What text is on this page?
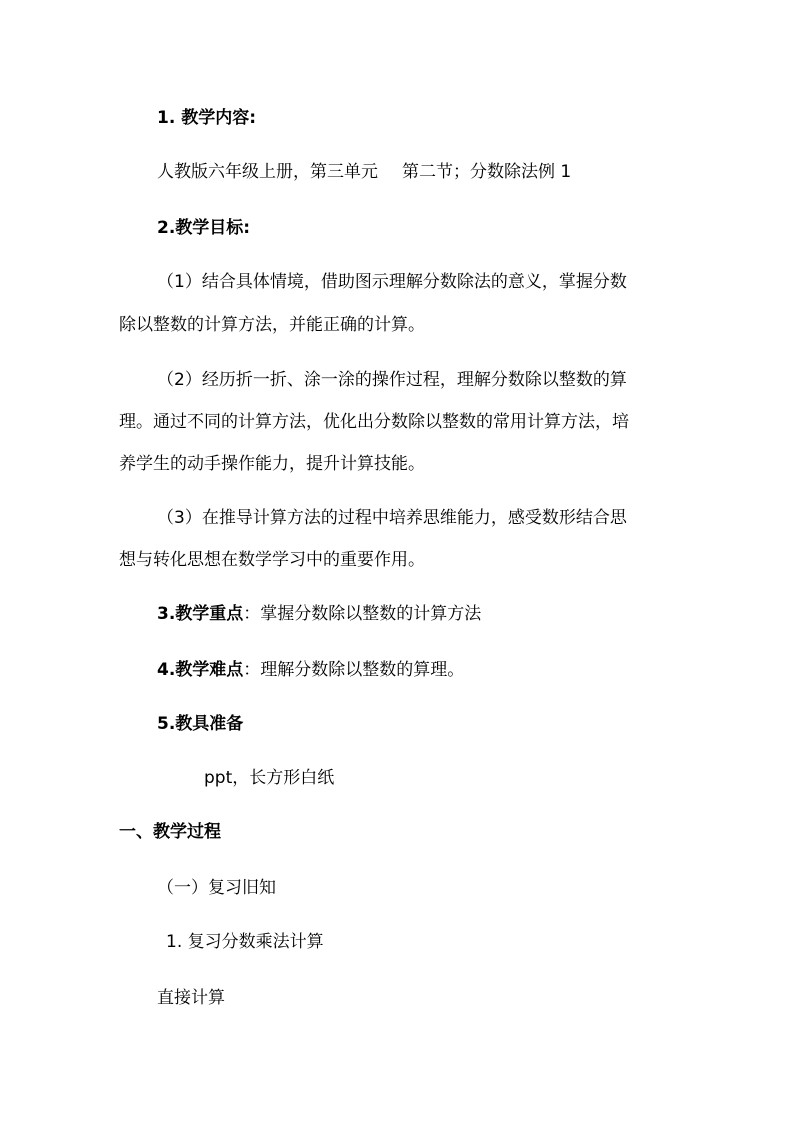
1. 教学内容:
人教版六年级上册，第三单元 第二节；分数除法例 1
2.教学目标:
（1）结合具体情境，借助图示理解分数除法的意义，掌握分数
除以整数的计算方法，并能正确的计算。
（2）经历折一折、涂一涂的操作过程，理解分数除以整数的算
理。通过不同的计算方法，优化出分数除以整数的常用计算方法，培
养学生的动手操作能力，提升计算技能。
（3）在推导计算方法的过程中培养思维能力，感受数形结合思
想与转化思想在数学学习中的重要作用。
3.教学重点：掌握分数除以整数的计算方法
4.教学难点：理解分数除以整数的算理。
5.教具准备
ppt，长方形白纸
一、教学过程
（一）复习旧知
1. 复习分数乘法计算
直接计算
